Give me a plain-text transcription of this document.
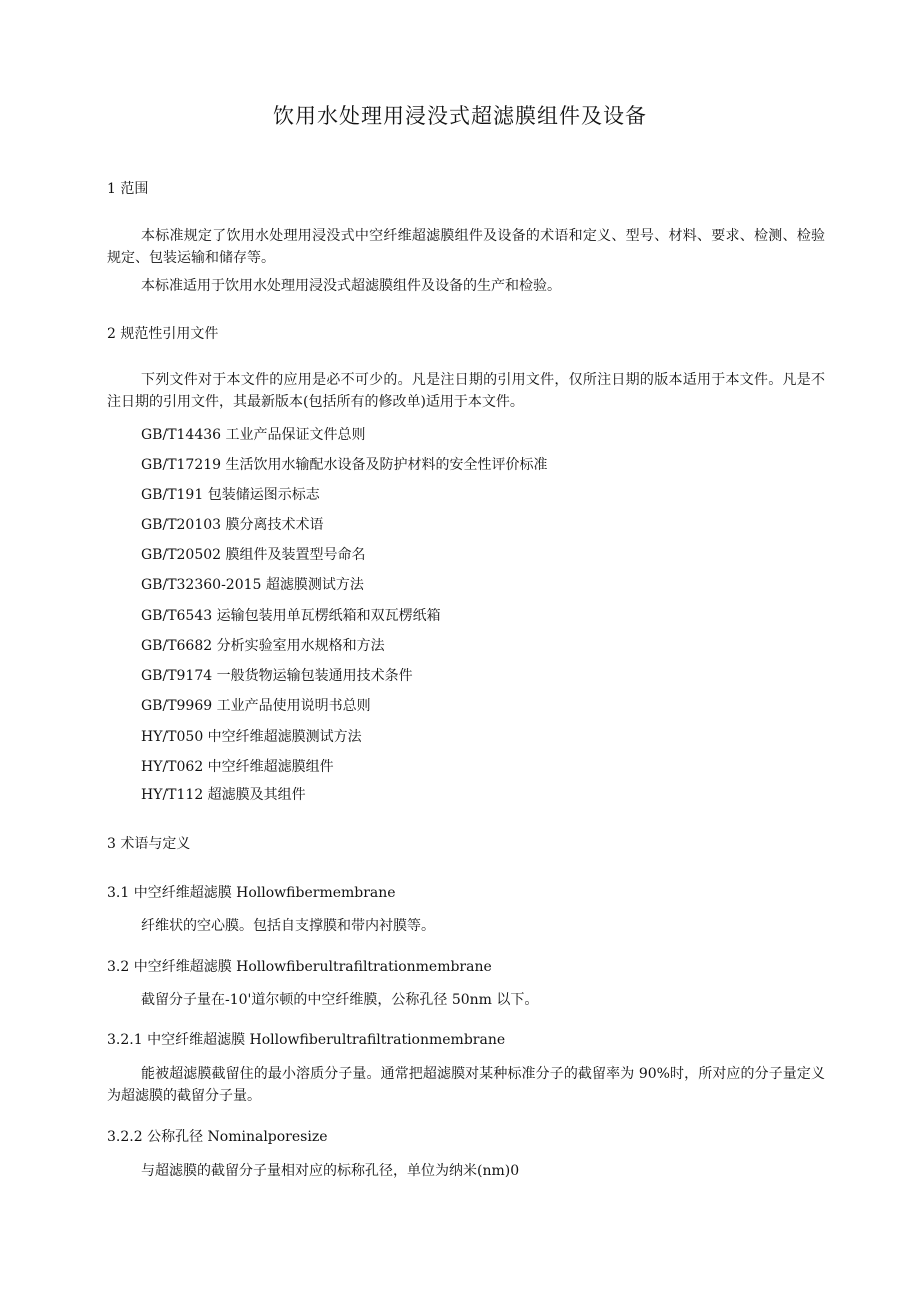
饮用水处理用浸没式超滤膜组件及设备
1 范围

本标准规定了饮用水处理用浸没式中空纤维超滤膜组件及设备的术语和定义、型号、材料、要求、检测、检验规定、包装运输和储存等。

本标准适用于饮用水处理用浸没式超滤膜组件及设备的生产和检验。

2 规范性引用文件

下列文件对于本文件的应用是必不可少的。凡是注日期的引用文件，仅所注日期的版本适用于本文件。凡是不注日期的引用文件，其最新版本(包括所有的修改单)适用于本文件。

GB/T14436 工业产品保证文件总则
GB/T17219 生活饮用水输配水设备及防护材料的安全性评价标准
GB/T191 包装储运图示标志
GB/T20103 膜分离技术术语
GB/T20502 膜组件及装置型号命名
GB/T32360-2015 超滤膜测试方法
GB/T6543 运输包装用单瓦楞纸箱和双瓦楞纸箱
GB/T6682 分析实验室用水规格和方法
GB/T9174 一般货物运输包装通用技术条件
GB/T9969 工业产品使用说明书总则
HY/T050 中空纤维超滤膜测试方法
HY/T062 中空纤维超滤膜组件
HY/T112 超滤膜及其组件
3 术语与定义
3.1 中空纤维超滤膜 Hollowfibermembrane

纤维状的空心膜。包括自支撑膜和带内衬膜等。

3.2 中空纤维超滤膜 Hollowfiberultrafiltrationmembrane

截留分子量在-10'道尔顿的中空纤维膜，公称孔径 50nm 以下。

3.2.1 中空纤维超滤膜 Hollowfiberultrafiltrationmembrane

能被超滤膜截留住的最小溶质分子量。通常把超滤膜对某种标准分子的截留率为 90%时，所对应的分子量定义为超滤膜的截留分子量。

3.2.2 公称孔径 Nominalporesize

与超滤膜的截留分子量相对应的标称孔径，单位为纳米(nm)0
